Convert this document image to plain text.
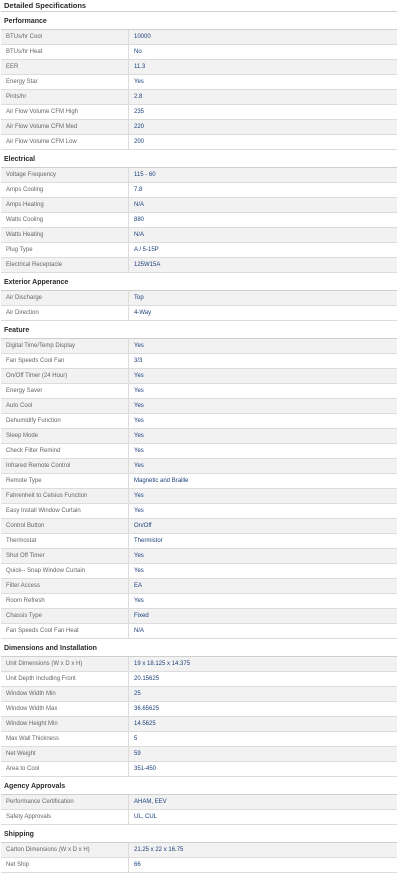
Detailed Specifications
Performance
BTUs/hr Cool	10000
BTUs/hr Heat	No
EER	11.3
Energy Star	Yes
Pints/hr	2.8
Air Flow Volume CFM High	235
Air Flow Volume CFM Med	220
Air Flow Volume CFM Low	200
Electrical
Voltage Frequency	115 - 60
Amps Cooling	7.8
Amps Heating	N/A
Watts Cooling	880
Watts Heating	N/A
Plug Type	A / 5-15P
Electrical Receptacle	125W15A
Exterior Apperance
Air Discharge	Top
Air Direction	4-Way
Feature
Digital Time/Temp Display	Yes
Fan Speeds Cool Fan	3/3
On/Off Timer (24 Hour)	Yes
Energy Saver	Yes
Auto Cool	Yes
Dehumidify Function	Yes
Sleep Mode	Yes
Check Filter Remind	Yes
Infrared Remote Control	Yes
Remote Type	Magnetic and Braille
Fahrenheit to Celsius Function	Yes
Easy Install Window Curtain	Yes
Control Button	On/Off
Thermostat	Thermistor
Shut Off Timer	Yes
Quick-- Snap Window Curtain	Yes
Filter Access	EA
Room Refresh	Yes
Chassis Type	Fixed
Fan Speeds Cool Fan Heat	N/A
Dimensions and Installation
Unit Dimensions (W x D x H)	19 x 18.125 x 14.375
Unit Depth Including Front	20.15625
Window Width Min	25
Window Width Max	36.65625
Window Height Min	14.5625
Max Wall Thickness	5
Net Weight	59
Area to Cool	351-450
Agency Approvals
Performance Certification	AHAM, EEV
Safety Approvals	UL, CUL
Shipping
Carton Dimensions (W x D x H)	21.25 x 22 x 16.75
Net Ship	66
